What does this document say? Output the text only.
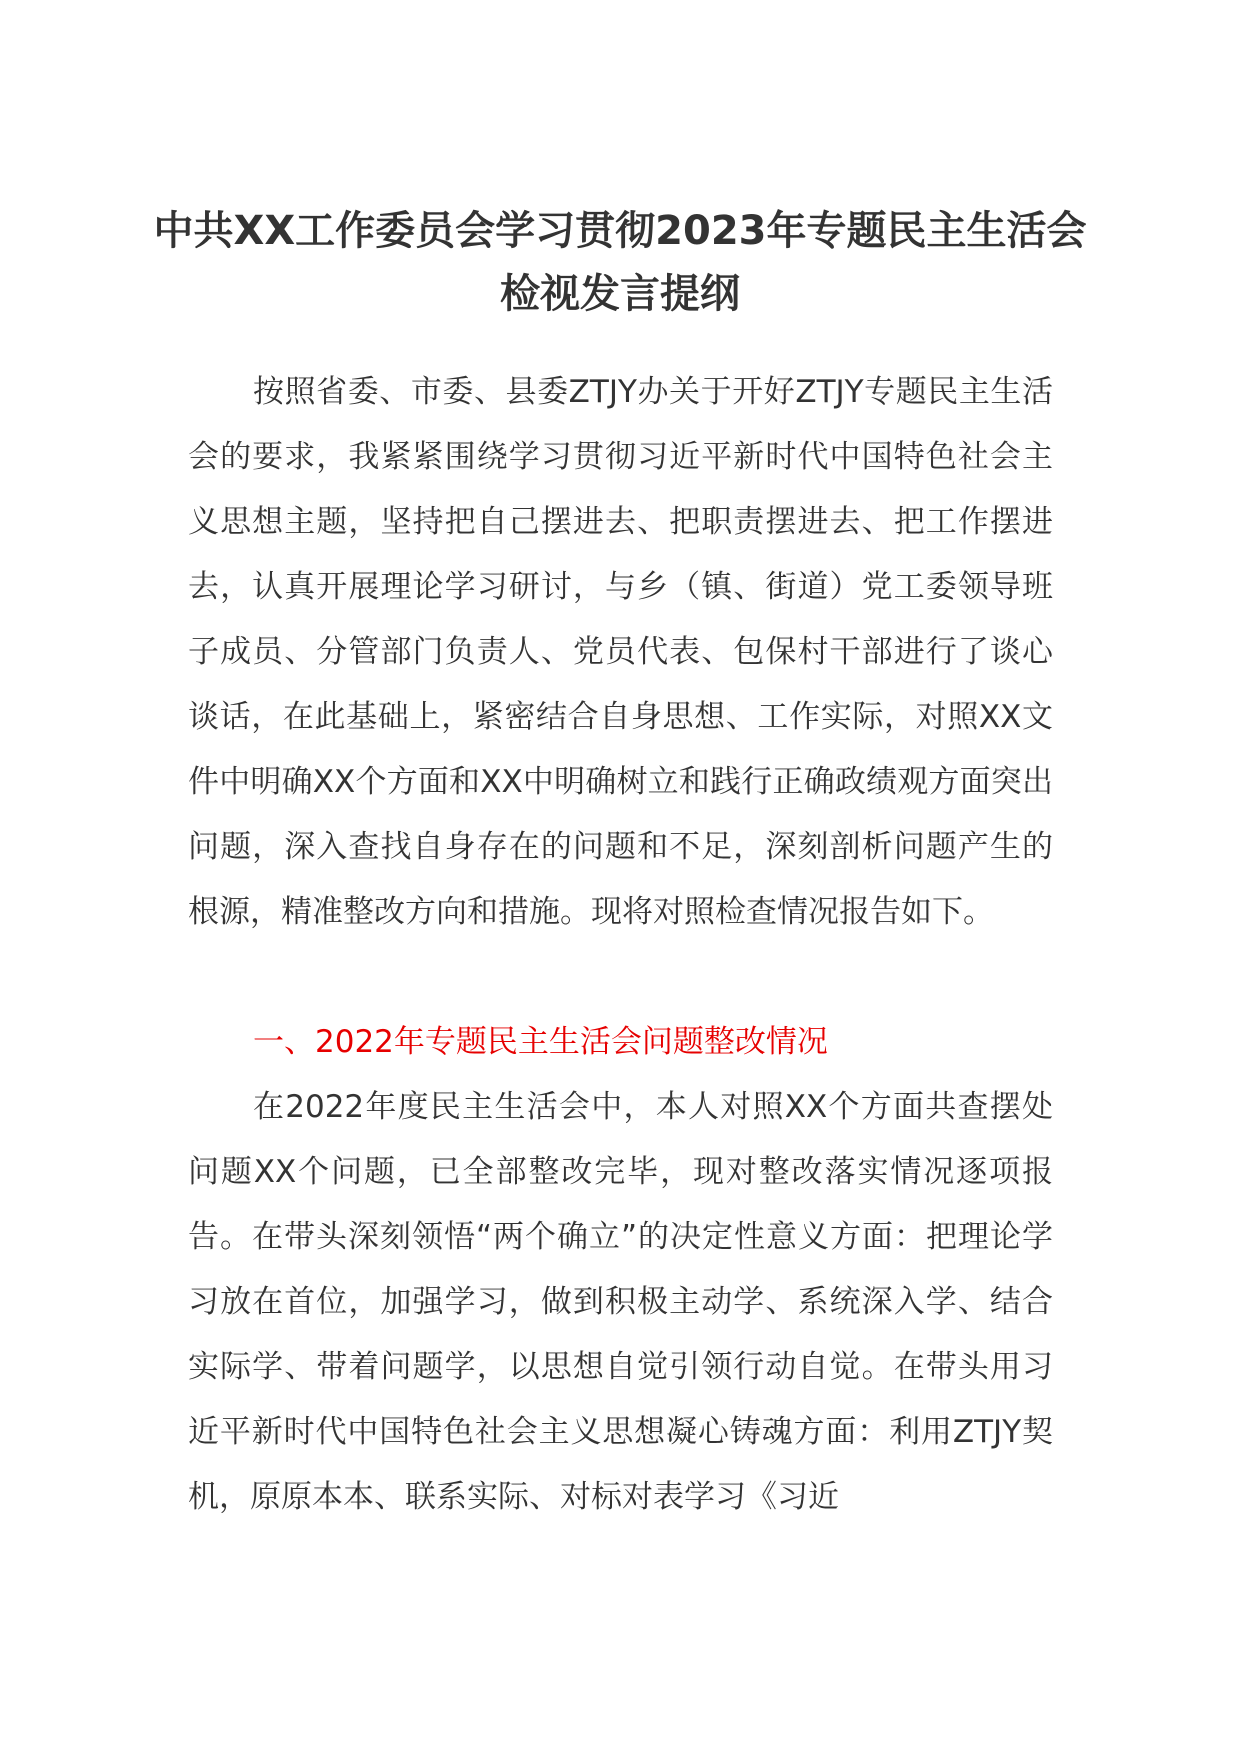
中共XX工作委员会学习贯彻2023年专题民主生活会检视发言提纲

按照省委、市委、县委ZTJY办关于开好ZTJY专题民主生活会的要求，我紧紧围绕学习贯彻习近平新时代中国特色社会主义思想主题，坚持把自己摆进去、把职责摆进去、把工作摆进去，认真开展理论学习研讨，与乡（镇、街道）党工委领导班子成员、分管部门负责人、党员代表、包保村干部进行了谈心谈话，在此基础上，紧密结合自身思想、工作实际，对照XX文件中明确XX个方面和XX中明确树立和践行正确政绩观方面突出问题，深入查找自身存在的问题和不足，深刻剖析问题产生的根源，精准整改方向和措施。现将对照检查情况报告如下。

一、2022年专题民主生活会问题整改情况

在2022年度民主生活会中，本人对照XX个方面共查摆处问题XX个问题，已全部整改完毕，现对整改落实情况逐项报告。在带头深刻领悟“两个确立”的决定性意义方面：把理论学习放在首位，加强学习，做到积极主动学、系统深入学、结合实际学、带着问题学，以思想自觉引领行动自觉。在带头用习近平新时代中国特色社会主义思想凝心铸魂方面：利用ZTJY契机，原原本本、联系实际、对标对表学习《习近
